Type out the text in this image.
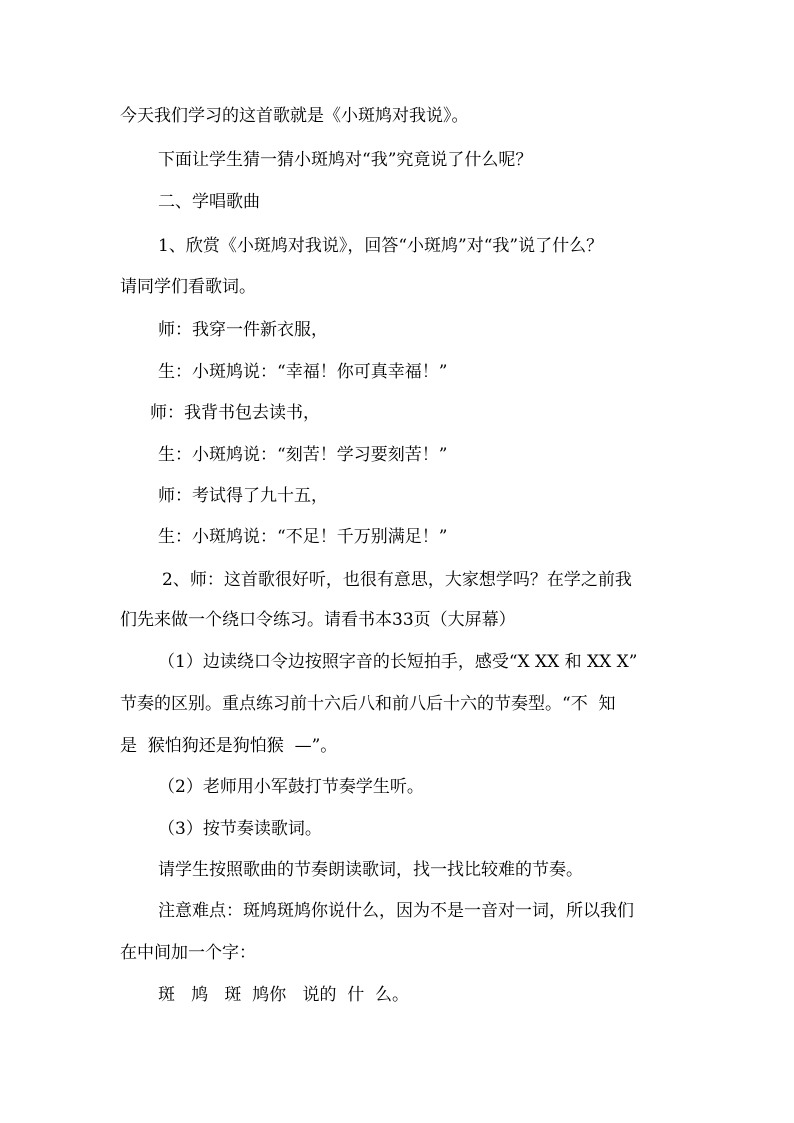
今天我们学习的这首歌就是《小斑鸠对我说》。

下面让学生猜一猜小斑鸠对“我”究竟说了什么呢？

二、学唱歌曲

1、欣赏《小斑鸠对我说》，回答“小斑鸠”对“我”说了什么？

请同学们看歌词。

师：我穿一件新衣服，

生：小斑鸠说：“幸福！你可真幸福！”

师：我背书包去读书，

生：小斑鸠说：“刻苦！学习要刻苦！”

师：考试得了九十五，

生：小斑鸠说：“不足！千万别满足！”

2、师：这首歌很好听，也很有意思，大家想学吗？在学之前我

们先来做一个绕口令练习。请看书本33页（大屏幕）

（1）边读绕口令边按照字音的长短拍手，感受“X XX 和 XX X”

节奏的区别。重点练习前十六后八和前八后十六的节奏型。“不  知

是  猴怕狗还是狗怕猴  —”。

（2）老师用小军鼓打节奏学生听。

（3）按节奏读歌词。

请学生按照歌曲的节奏朗读歌词，找一找比较难的节奏。

注意难点：斑鸠斑鸠你说什么，因为不是一音对一词，所以我们

在中间加一个字：

斑   鸠   斑  鸠你   说的  什  么。
